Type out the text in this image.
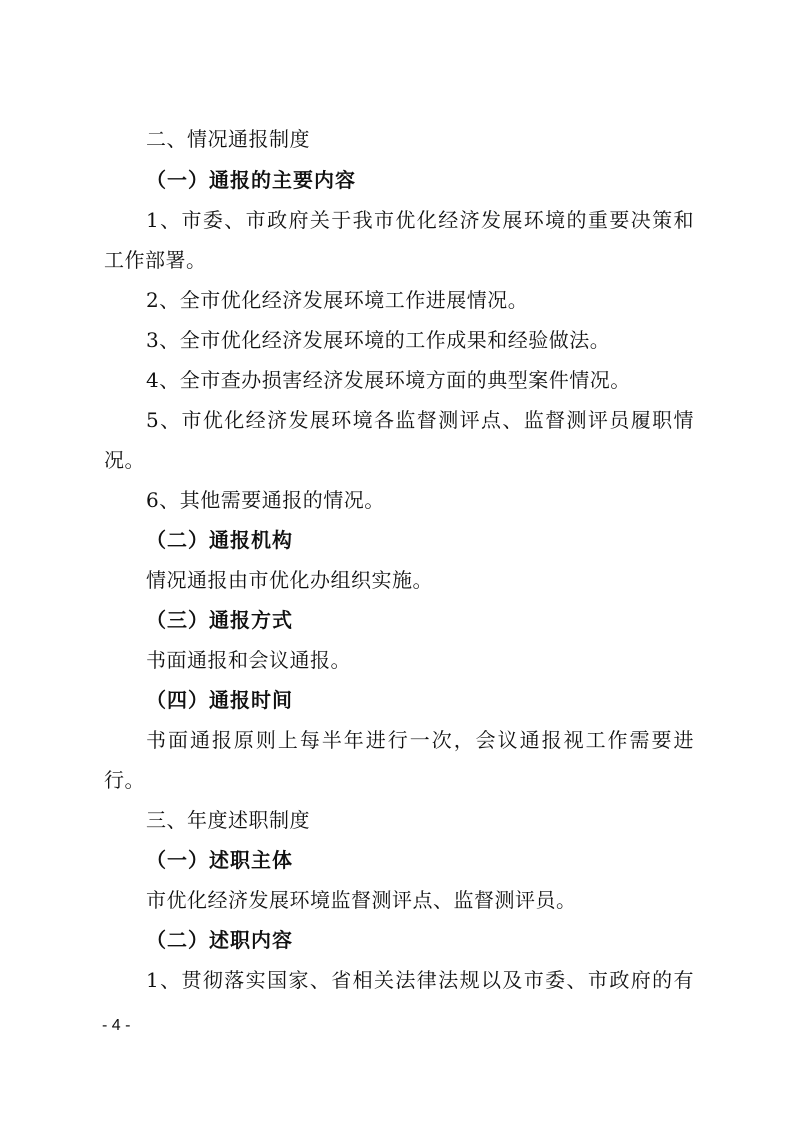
二、情况通报制度
（一）通报的主要内容
1、市委、市政府关于我市优化经济发展环境的重要决策和
工作部署。
2、全市优化经济发展环境工作进展情况。
3、全市优化经济发展环境的工作成果和经验做法。
4、全市查办损害经济发展环境方面的典型案件情况。
5、市优化经济发展环境各监督测评点、监督测评员履职情
况。
6、其他需要通报的情况。
（二）通报机构
情况通报由市优化办组织实施。
（三）通报方式
书面通报和会议通报。
（四）通报时间
书面通报原则上每半年进行一次，会议通报视工作需要进
行。
三、年度述职制度
（一）述职主体
市优化经济发展环境监督测评点、监督测评员。
（二）述职内容
1、贯彻落实国家、省相关法律法规以及市委、市政府的有
- 4 -
